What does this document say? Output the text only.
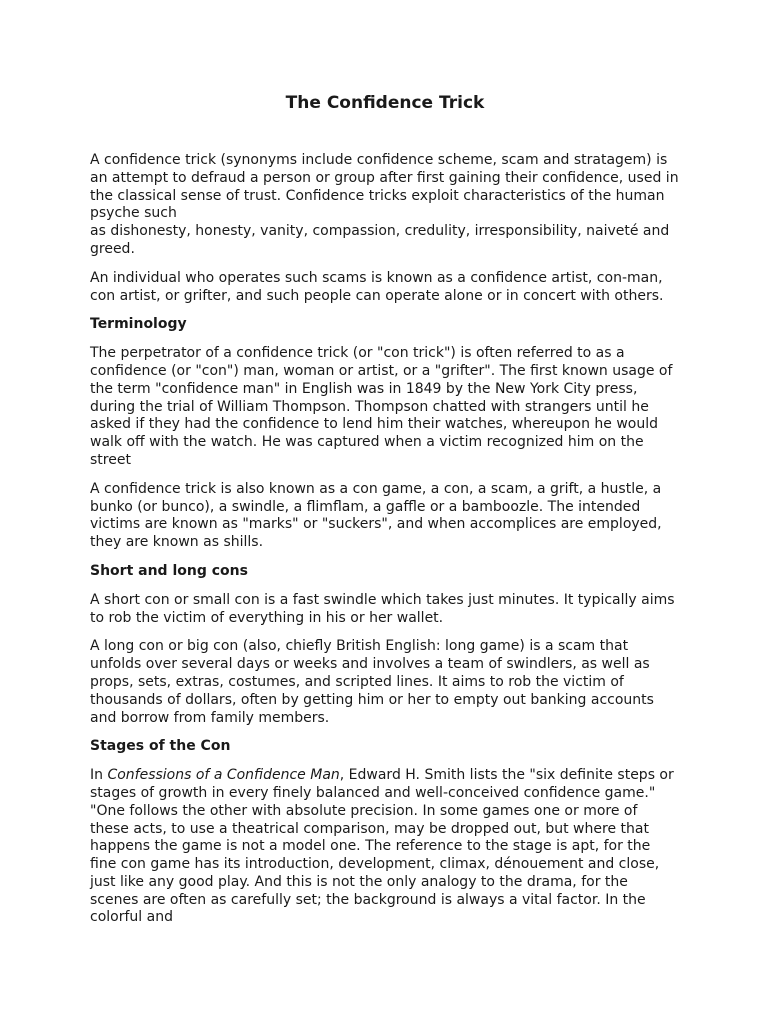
The Confidence Trick

A confidence trick (synonyms include confidence scheme, scam and stratagem) is an attempt to defraud a person or group after first gaining their confidence, used in the classical sense of trust. Confidence tricks exploit characteristics of the human psyche such
as dishonesty, honesty, vanity, compassion, credulity, irresponsibility, naiveté and greed.

An individual who operates such scams is known as a confidence artist, con-man, con artist, or grifter, and such people can operate alone or in concert with others.

Terminology

The perpetrator of a confidence trick (or "con trick") is often referred to as a confidence (or "con") man, woman or artist, or a "grifter". The first known usage of the term "confidence man" in English was in 1849 by the New York City press, during the trial of William Thompson. Thompson chatted with strangers until he asked if they had the confidence to lend him their watches, whereupon he would walk off with the watch. He was captured when a victim recognized him on the street

A confidence trick is also known as a con game, a con, a scam, a grift, a hustle, a bunko (or bunco), a swindle, a flimflam, a gaffle or a bamboozle. The intended victims are known as "marks" or "suckers", and when accomplices are employed, they are known as shills.

Short and long cons

A short con or small con is a fast swindle which takes just minutes. It typically aims to rob the victim of everything in his or her wallet.

A long con or big con (also, chiefly British English: long game) is a scam that unfolds over several days or weeks and involves a team of swindlers, as well as props, sets, extras, costumes, and scripted lines. It aims to rob the victim of thousands of dollars, often by getting him or her to empty out banking accounts and borrow from family members.

Stages of the Con

In Confessions of a Confidence Man, Edward H. Smith lists the "six definite steps or stages of growth in every finely balanced and well-conceived confidence game." "One follows the other with absolute precision. In some games one or more of these acts, to use a theatrical comparison, may be dropped out, but where that happens the game is not a model one. The reference to the stage is apt, for the fine con game has its introduction, development, climax, dénouement and close, just like any good play. And this is not the only analogy to the drama, for the scenes are often as carefully set; the background is always a vital factor. In the colorful and
